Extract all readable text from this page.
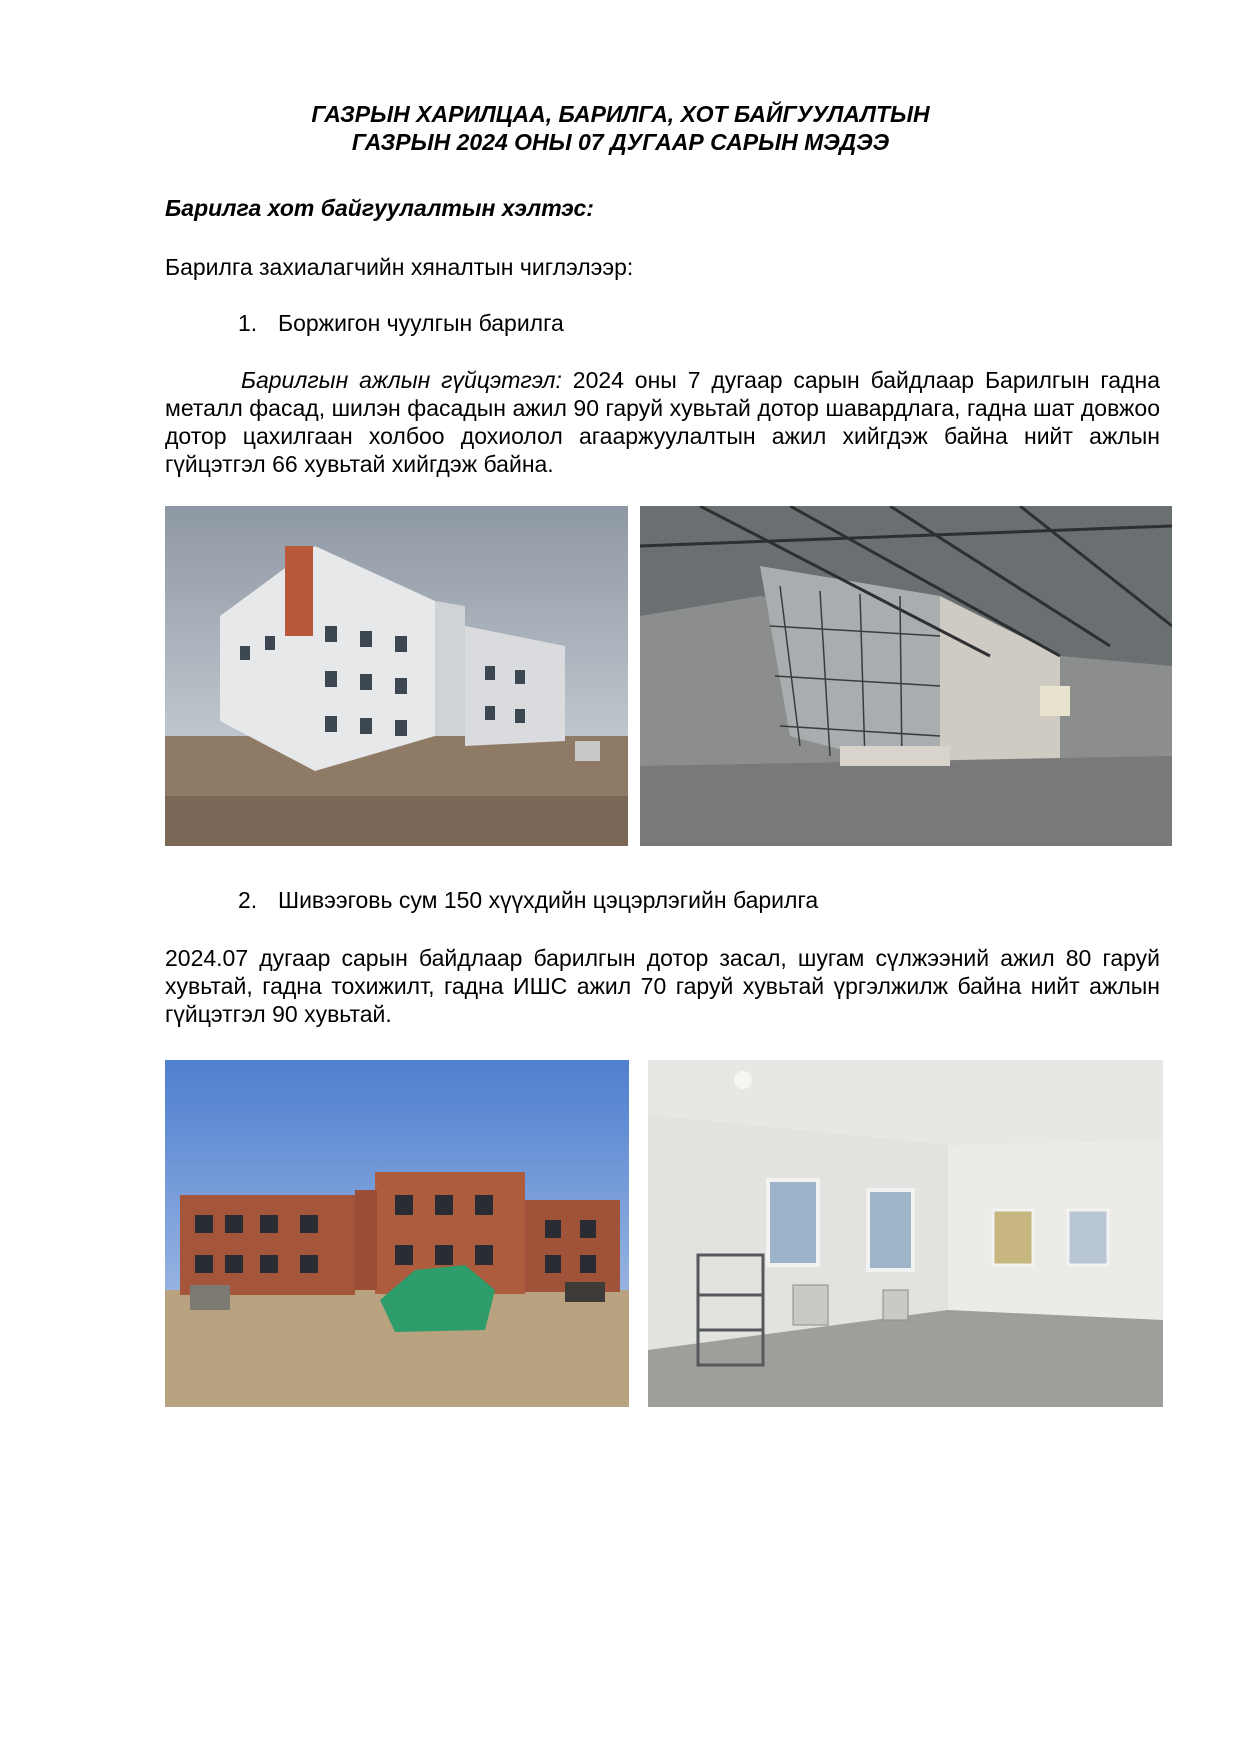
ГАЗРЫН ХАРИЛЦАА, БАРИЛГА, ХОТ БАЙГУУЛАЛТЫН
ГАЗРЫН 2024 ОНЫ 07 ДУГААР САРЫН МЭДЭЭ
Барилга хот байгуулалтын хэлтэс:
Барилга захиалагчийн хяналтын чиглэлээр:
1. Боржигон чуулгын барилга
Барилгын ажлын гүйцэтгэл: 2024 оны 7 дугаар сарын байдлаар Барилгын гадна металл фасад, шилэн фасадын ажил 90 гаруй хувьтай дотор шавардлага, гадна шат довжоо дотор цахилгаан холбоо дохиолол агааржуулалтын ажил хийгдэж байна нийт ажлын гүйцэтгэл 66 хувьтай хийгдэж байна.
2. Шивээговь сум 150 хүүхдийн цэцэрлэгийн барилга
2024.07 дугаар сарын байдлаар барилгын дотор засал, шугам сүлжээний ажил 80 гаруй хувьтай, гадна тохижилт, гадна ИШС ажил 70 гаруй хувьтай үргэлжилж байна нийт ажлын гүйцэтгэл 90 хувьтай.
